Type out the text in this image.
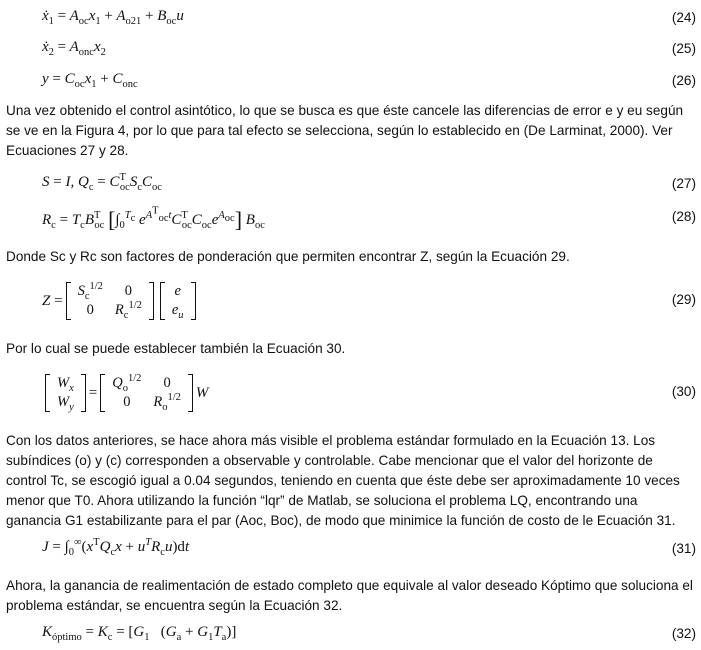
ẋ$_1$ = $A_{oc}x_1 + A_{o21} + B_{oc}u$	(24)
ẋ$_2$ = $A_{onc}x_2$	(25)
$y = C_{oc}x_1 + C_{onc}$	(26)
Una vez obtenido el control asintótico, lo que se busca es que éste cancele las diferencias de error e y eu según se ve en la Figura 4, por lo que para tal efecto se selecciona, según lo establecido en (De Larminat, 2000). Ver Ecuaciones 27 y 28.
S = I, $Q_c = C^T_{oc}S_cC_{oc}$	(27)
$R_c = T_cB^T_{oc}$ [$\int_0^{T_c}$ $e^{A^T_{oc}t}C^T_{oc}C_{oc}e^{A_{oc}}$] $B_{oc}$
(28)
Donde Sc y Rc son factores de ponderación que permiten encontrar Z, según la Ecuación 29.
Z
=
$S_c^{1/2}$	0
0	$R_c^{1/2}$
e
$e_u$
(29)
Por lo cual se puede establecer también la Ecuación 30.
$W_x$
$W_y$
=
$Q_o^{1/2}$	0
0	$R_o^{1/2}$ W	(30)
Con los datos anteriores, se hace ahora más visible el problema estándar formulado en la Ecuación 13. Los subíndices (o) y (c) corresponden a observable y controlable. Cabe mencionar que el valor del horizonte de control Tc, se escogió igual a 0.04 segundos, teniendo en cuenta que éste debe ser aproximadamente 10 veces menor que T0. Ahora utilizando la función “lqr” de Matlab, se soluciona el problema LQ, encontrando una ganancia G1 estabilizante para el par (Aoc, Boc), de modo que minimice la función de costo de le Ecuación 31.
$J = \int_0^\infty(x^TQ_cx + u^TR_cu)dt$	(31)
Ahora, la ganancia de realimentación de estado completo que equivale al valor deseado Kóptimo que soluciona el problema estándar, se encuentra según la Ecuación 32.
$K_{óptimo} = K_c = [G_1$ $(G_a + G_1T_a)$]	(32)
